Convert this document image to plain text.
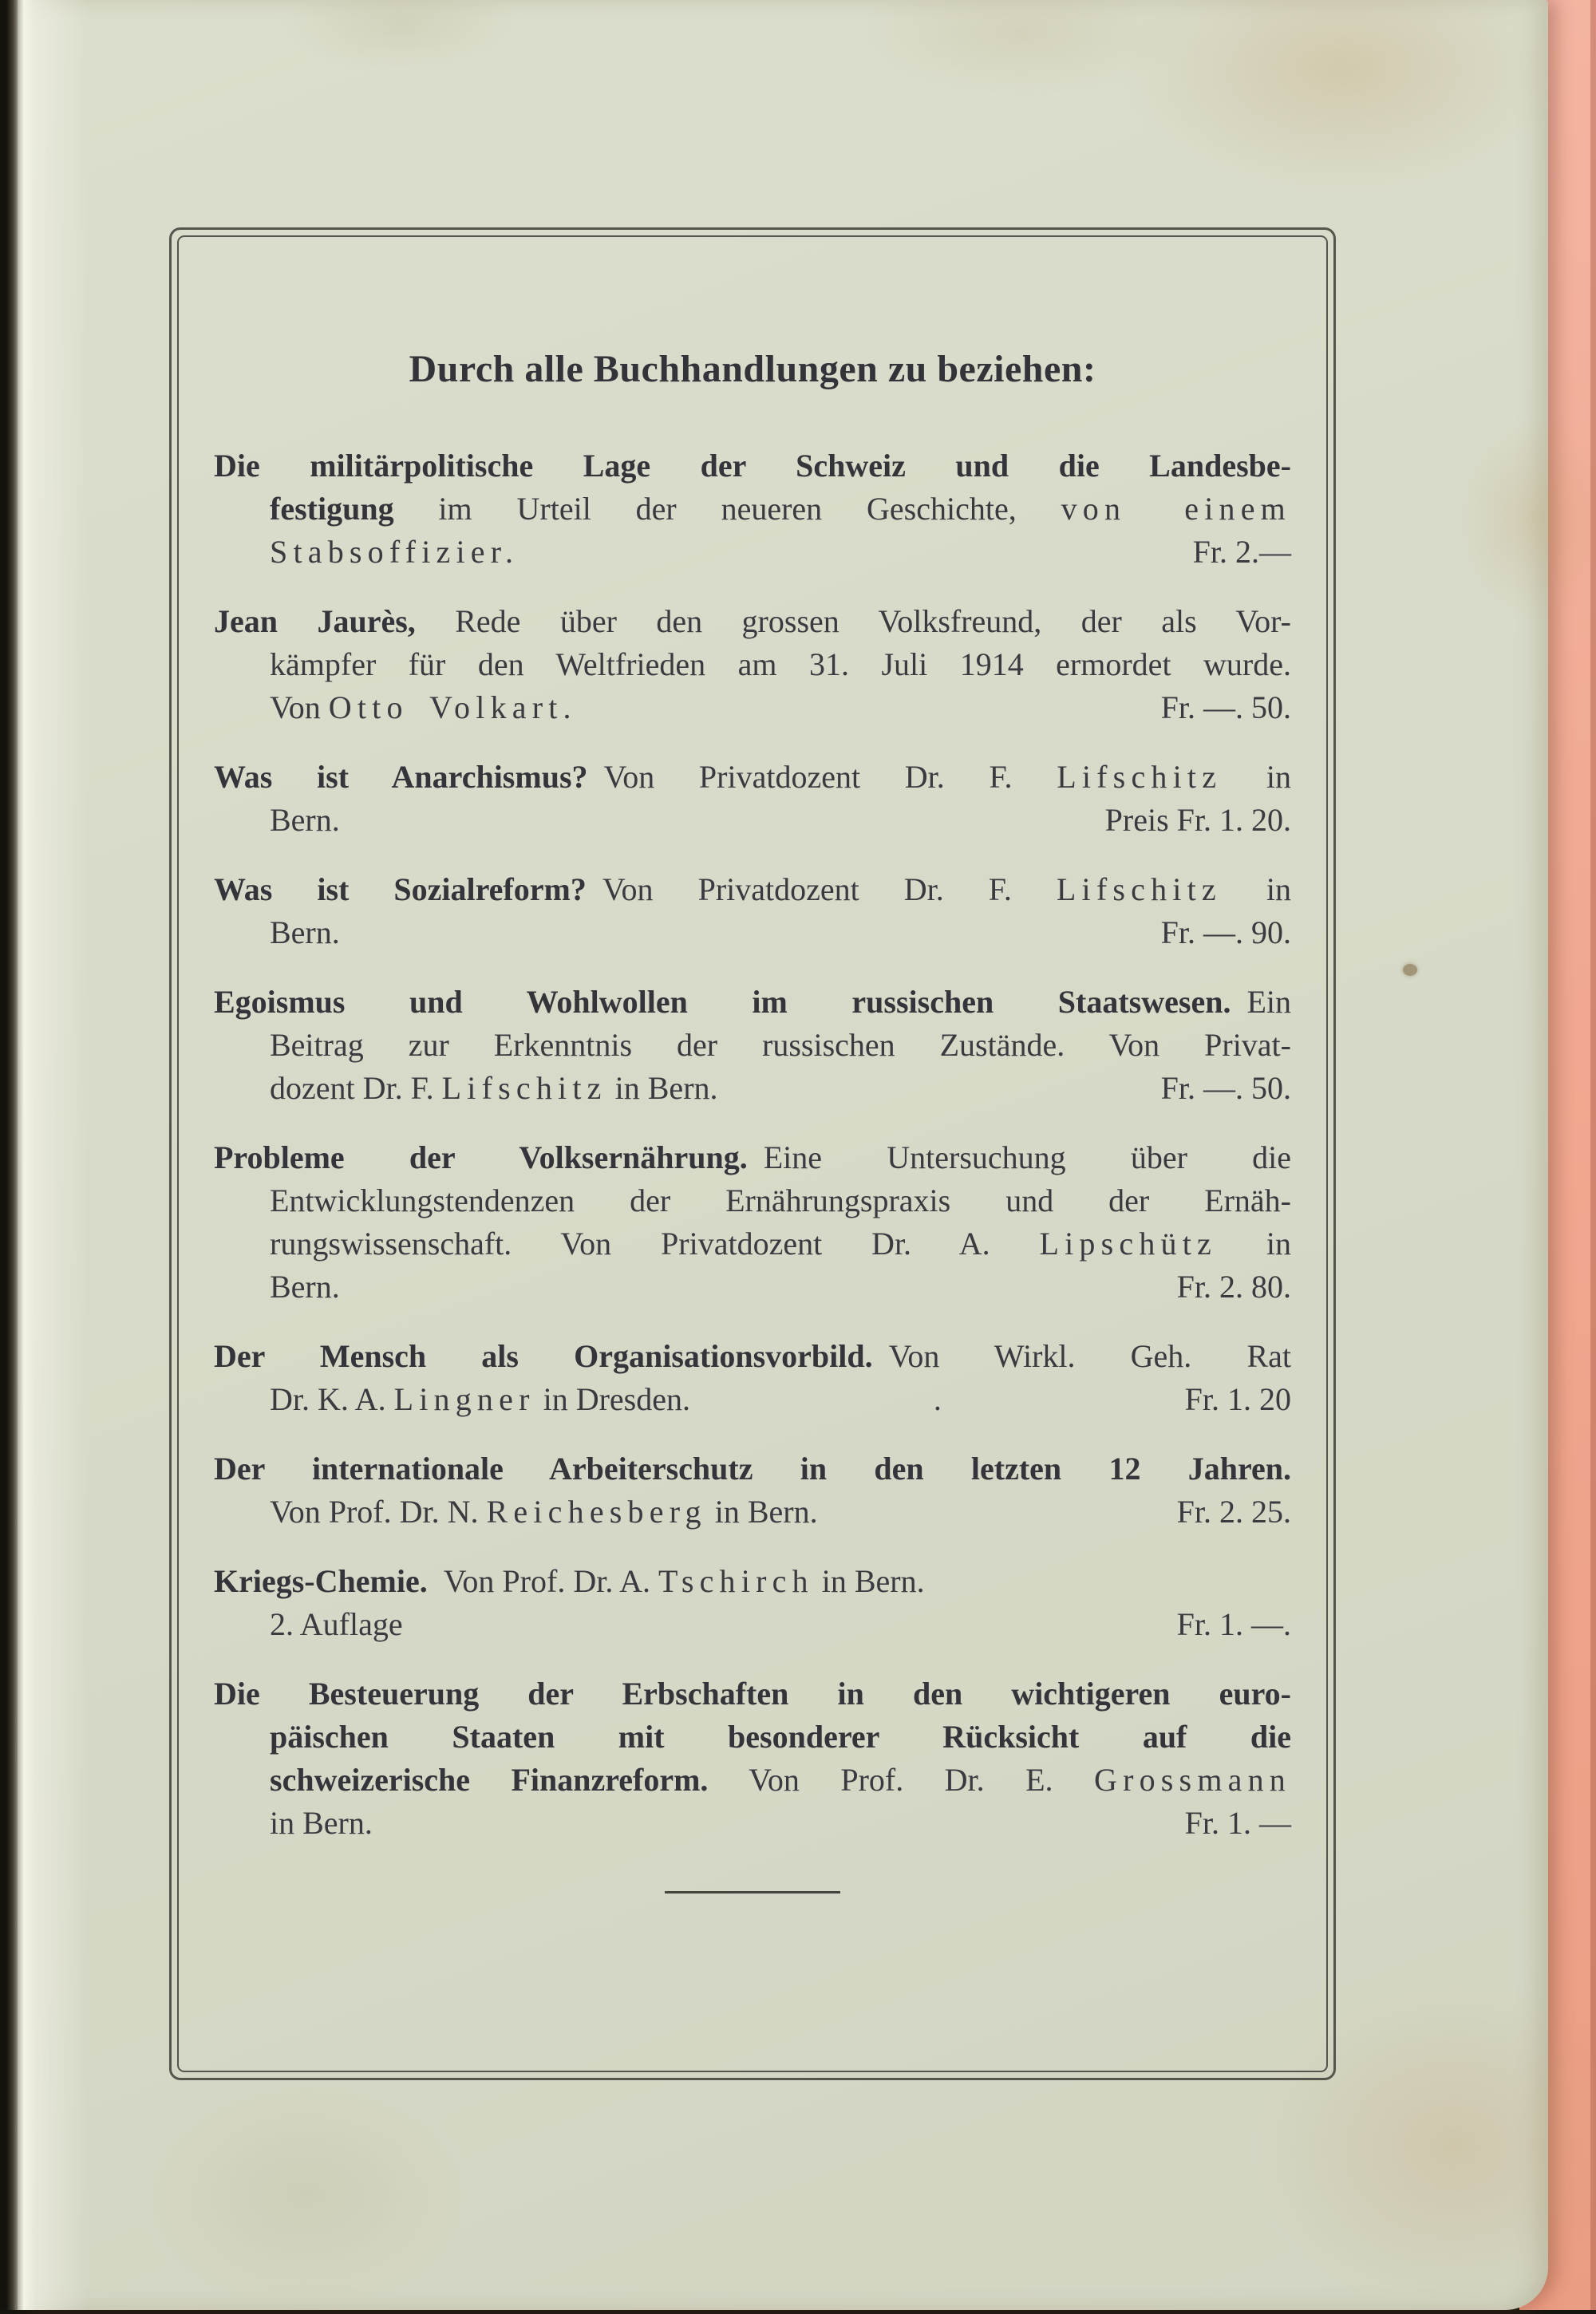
Durch alle Buchhandlungen zu beziehen:
Die militärpolitische Lage der Schweiz und die Landesbe-
festigung im Urteil der neueren Geschichte, von einem
Stabsoffizier.	Fr. 2.—
Jean Jaurès, Rede über den grossen Volksfreund, der als Vor-
kämpfer für den Weltfrieden am 31. Juli 1914 ermordet wurde.
Von Otto Volkart.	Fr. —. 50.
Was ist Anarchismus? Von Privatdozent Dr. F. Lifschitz in
Bern.	Preis Fr. 1. 20.
Was ist Sozialreform? Von Privatdozent Dr. F. Lifschitz in
Bern.	Fr. —. 90.
Egoismus und Wohlwollen im russischen Staatswesen. Ein
Beitrag zur Erkenntnis der russischen Zustände. Von Privat-
dozent Dr. F. Lifschitz in Bern.	Fr. —. 50.
Probleme der Volksernährung. Eine Untersuchung über die
Entwicklungstendenzen der Ernährungspraxis und der Ernäh-
rungswissenschaft. Von Privatdozent Dr. A. Lipschütz in
Bern.	Fr. 2. 80.
Der Mensch als Organisationsvorbild. Von Wirkl. Geh. Rat
Dr. K. A. Lingner in Dresden.	.	Fr. 1. 20
Der internationale Arbeiterschutz in den letzten 12 Jahren.
Von Prof. Dr. N. Reichesberg in Bern.	Fr. 2. 25.
Kriegs-Chemie. Von Prof. Dr. A. Tschirch in Bern.
2. Auflage	Fr. 1. —.
Die Besteuerung der Erbschaften in den wichtigeren euro-
päischen Staaten mit besonderer Rücksicht auf die
schweizerische Finanzreform. Von Prof. Dr. E. Grossmann
in Bern.	Fr. 1. —
